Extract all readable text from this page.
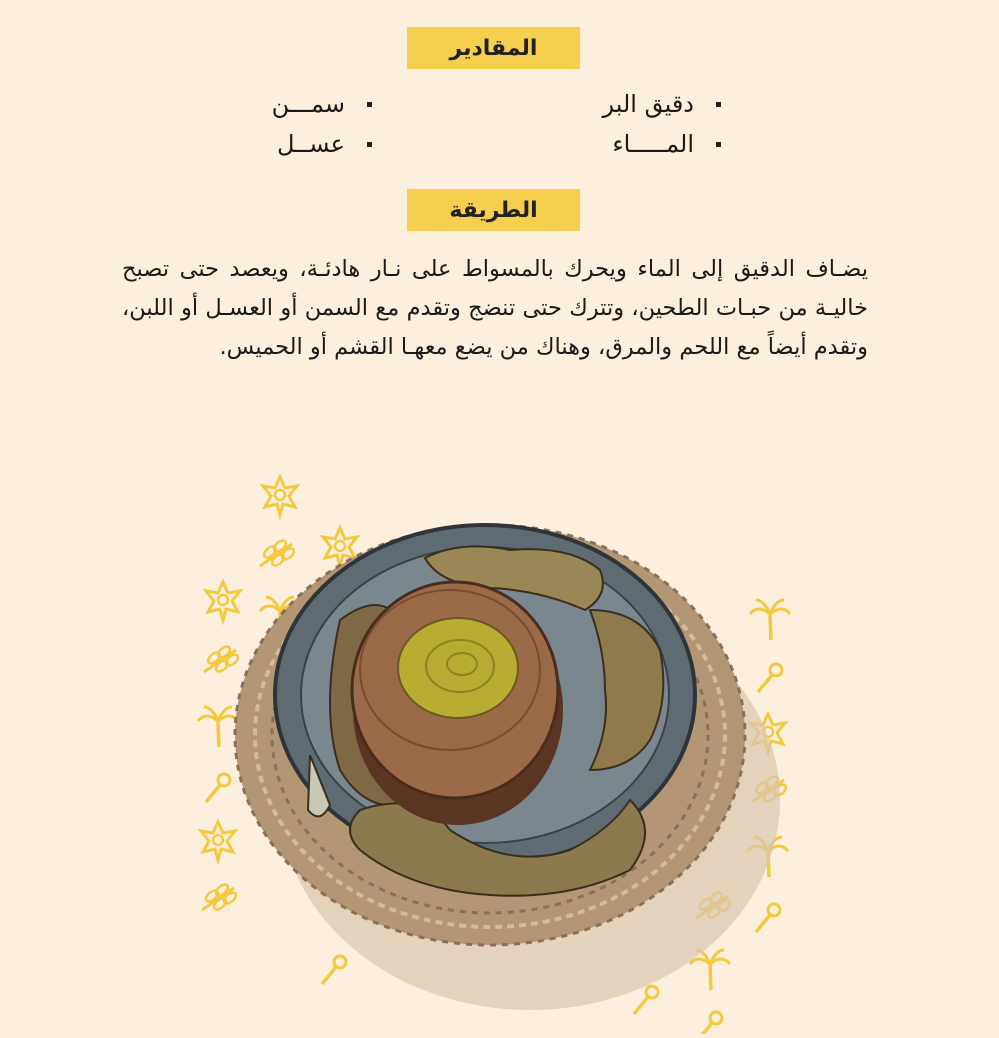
المقادير
دقيق البر
المـــــاء
سمـــن
عســل
الطريقة
يضـاف الدقيق إلى الماء ويحرك بالمسواط على نـار هادئـة، ويعصد حتى تصبح خاليـة من حبـات الطحين، وتترك حتى تنضج وتقدم مع السمن أو العسـل أو اللبن، وتقدم أيضاً مع اللحم والمرق، وهناك من يضع معهـا القشم أو الحميس.
